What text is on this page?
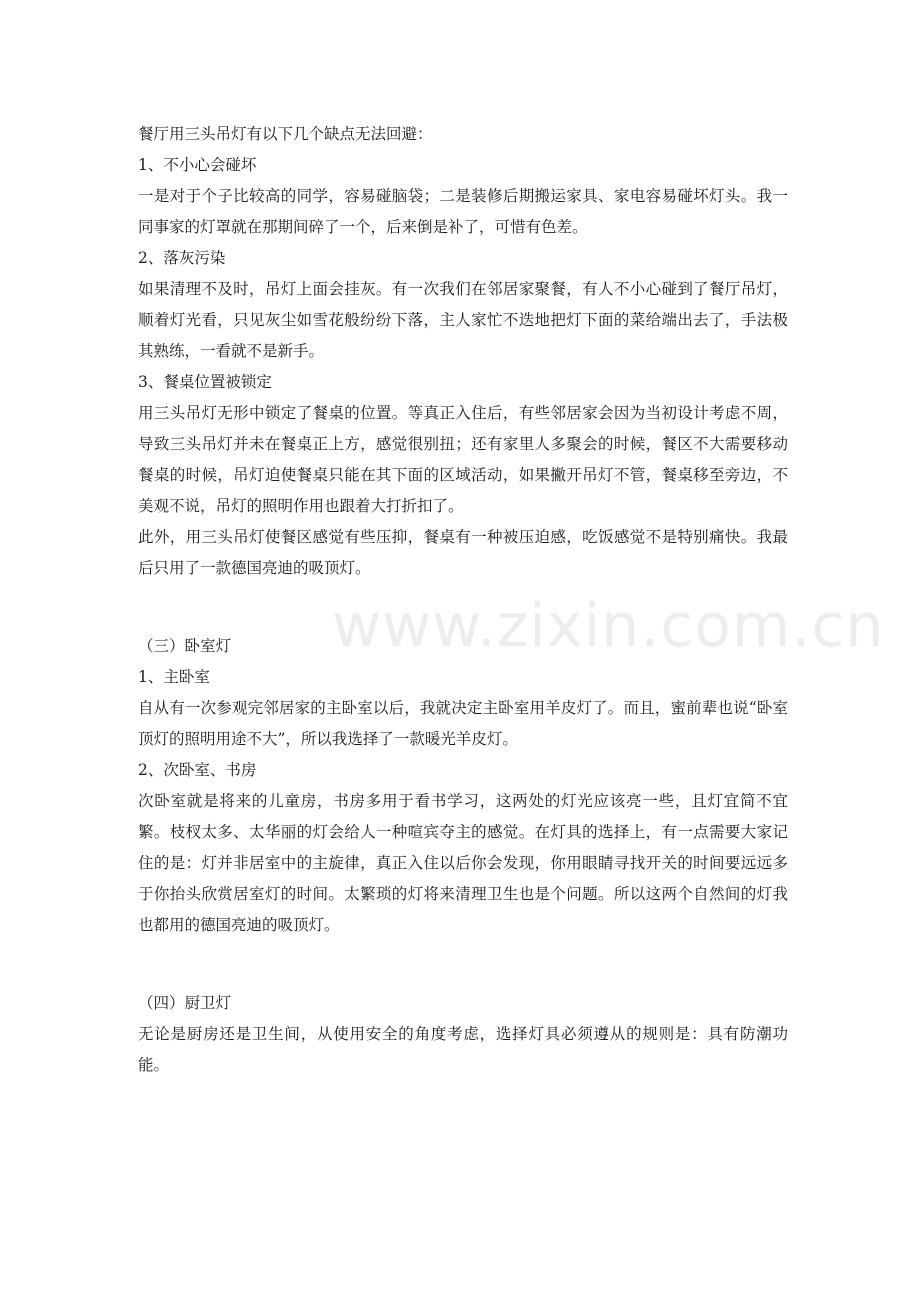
餐厅用三头吊灯有以下几个缺点无法回避：

1、不小心会碰坏

一是对于个子比较高的同学，容易碰脑袋；二是装修后期搬运家具、家电容易碰坏灯头。我一同事家的灯罩就在那期间碎了一个，后来倒是补了，可惜有色差。

2、落灰污染

如果清理不及时，吊灯上面会挂灰。有一次我们在邻居家聚餐，有人不小心碰到了餐厅吊灯，顺着灯光看，只见灰尘如雪花般纷纷下落，主人家忙不迭地把灯下面的菜给端出去了，手法极其熟练，一看就不是新手。

3、餐桌位置被锁定

用三头吊灯无形中锁定了餐桌的位置。等真正入住后，有些邻居家会因为当初设计考虑不周，导致三头吊灯并未在餐桌正上方，感觉很别扭；还有家里人多聚会的时候，餐区不大需要移动餐桌的时候，吊灯迫使餐桌只能在其下面的区域活动，如果撇开吊灯不管，餐桌移至旁边，不美观不说，吊灯的照明作用也跟着大打折扣了。

此外，用三头吊灯使餐区感觉有些压抑，餐桌有一种被压迫感，吃饭感觉不是特别痛快。我最后只用了一款德国亮迪的吸顶灯。

（三）卧室灯

1、主卧室

自从有一次参观完邻居家的主卧室以后，我就决定主卧室用羊皮灯了。而且，蜜前辈也说“卧室顶灯的照明用途不大”，所以我选择了一款暖光羊皮灯。

2、次卧室、书房

次卧室就是将来的儿童房，书房多用于看书学习，这两处的灯光应该亮一些，且灯宜简不宜繁。枝杈太多、太华丽的灯会给人一种喧宾夺主的感觉。在灯具的选择上，有一点需要大家记住的是：灯并非居室中的主旋律，真正入住以后你会发现，你用眼睛寻找开关的时间要远远多于你抬头欣赏居室灯的时间。太繁琐的灯将来清理卫生也是个问题。所以这两个自然间的灯我也都用的德国亮迪的吸顶灯。

（四）厨卫灯

无论是厨房还是卫生间，从使用安全的角度考虑，选择灯具必须遵从的规则是：具有防潮功能。

www.zixin.com.cn
